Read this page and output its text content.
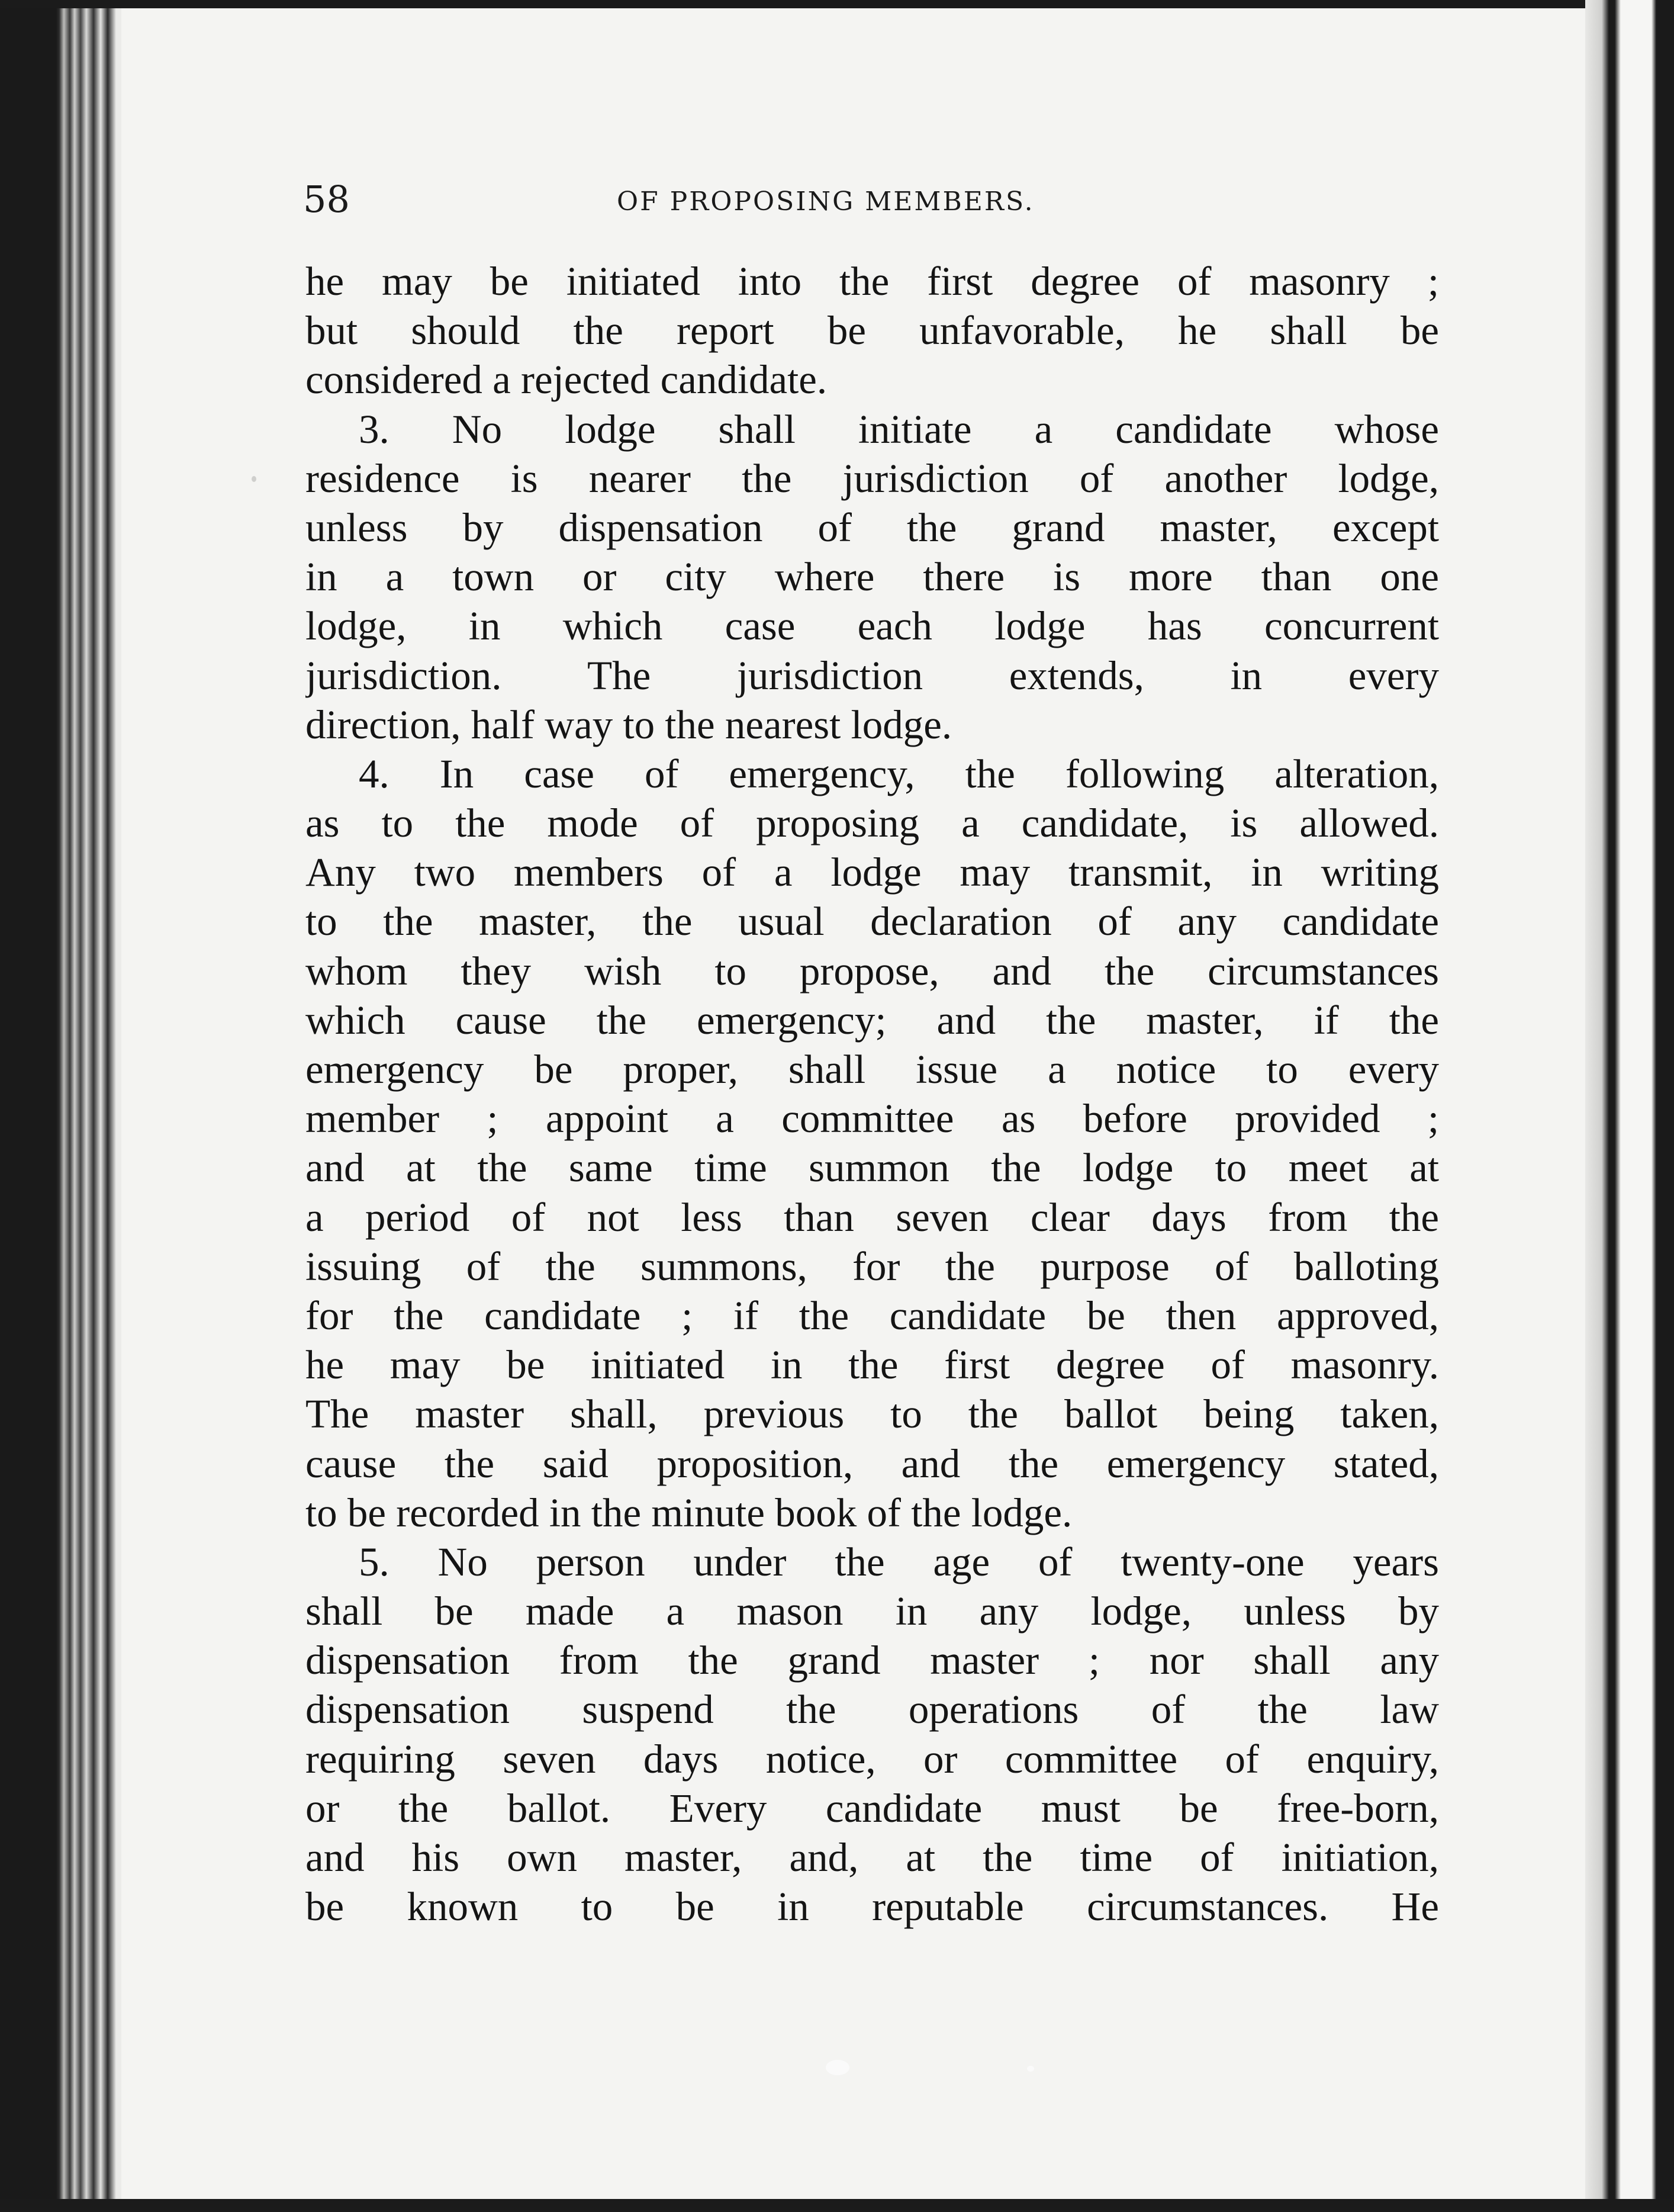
58	OF PROPOSING MEMBERS.
he may be initiated into the first degree of masonry ;
but should the report be unfavorable, he shall be
considered a rejected candidate.
3. No lodge shall initiate a candidate whose
residence is nearer the jurisdiction of another lodge,
unless by dispensation of the grand master, except
in a town or city where there is more than one
lodge, in which case each lodge has concurrent
jurisdiction. The jurisdiction extends, in every
direction, half way to the nearest lodge.
4. In case of emergency, the following alteration,
as to the mode of proposing a candidate, is allowed.
Any two members of a lodge may transmit, in writing
to the master, the usual declaration of any candidate
whom they wish to propose, and the circumstances
which cause the emergency; and the master, if the
emergency be proper, shall issue a notice to every
member ; appoint a committee as before provided ;
and at the same time summon the lodge to meet at
a period of not less than seven clear days from the
issuing of the summons, for the purpose of balloting
for the candidate ; if the candidate be then approved,
he may be initiated in the first degree of masonry.
The master shall, previous to the ballot being taken,
cause the said proposition, and the emergency stated,
to be recorded in the minute book of the lodge.
5. No person under the age of twenty-one years
shall be made a mason in any lodge, unless by
dispensation from the grand master ; nor shall any
dispensation suspend the operations of the law
requiring seven days notice, or committee of enquiry,
or the ballot. Every candidate must be free-born,
and his own master, and, at the time of initiation,
be known to be in reputable circumstances. He
